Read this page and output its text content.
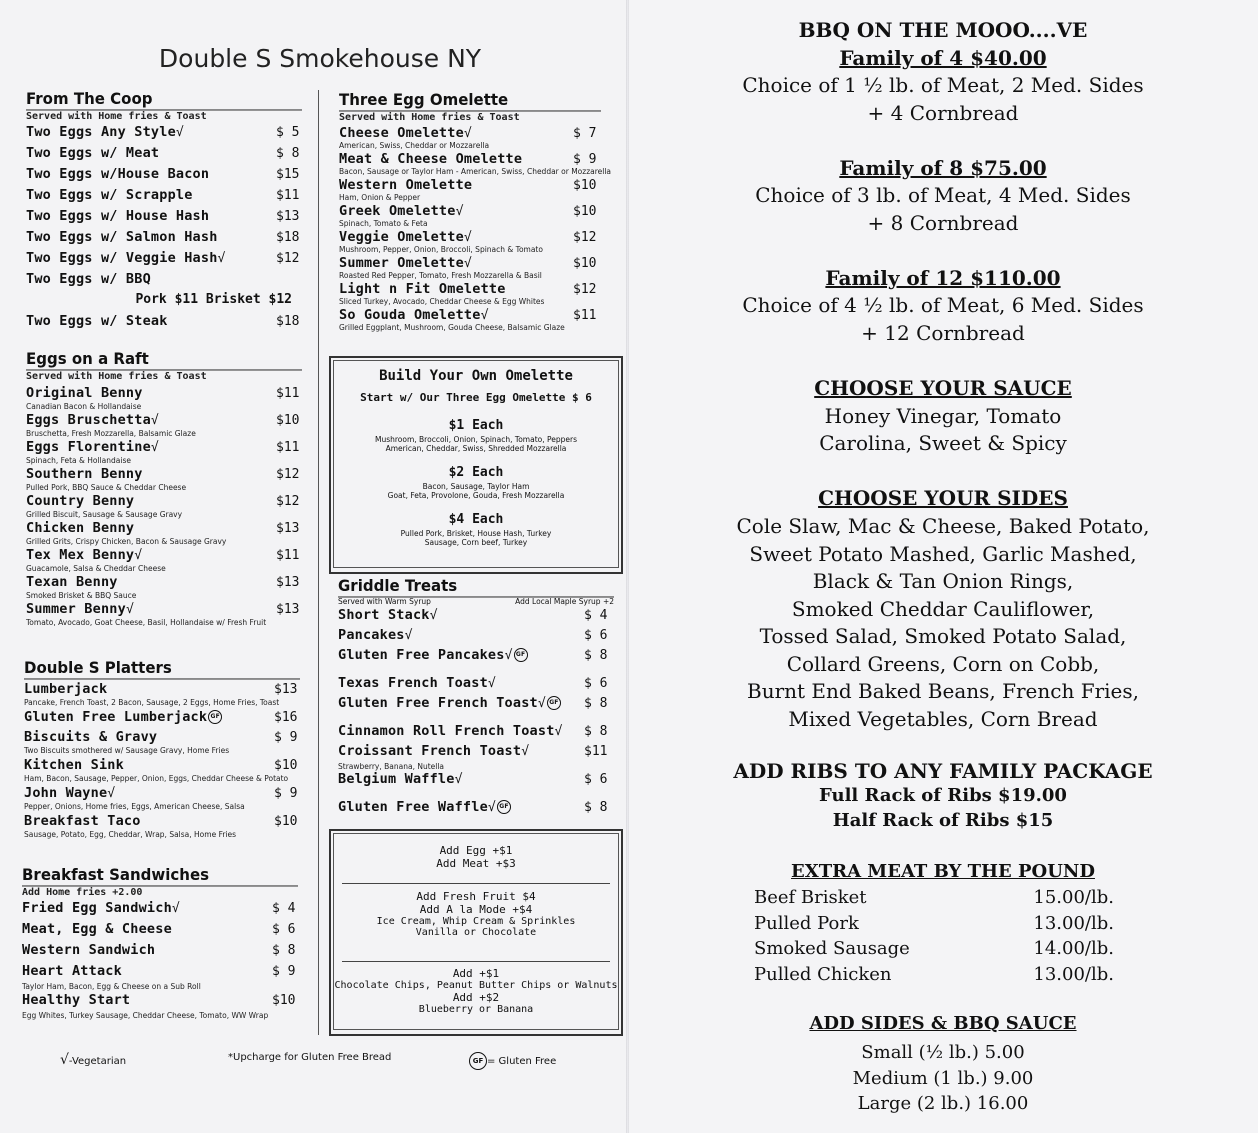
Double S Smokehouse NY
From The Coop
Served with Home fries & Toast
Two Eggs Any Style√	$ 5
Two Eggs w/ Meat	$ 8
Two Eggs w/House Bacon	$15
Two Eggs w/ Scrapple	$11
Two Eggs w/ House Hash	$13
Two Eggs w/ Salmon Hash	$18
Two Eggs w/ Veggie Hash√	$12
Two Eggs w/ BBQ
Pork $11 Brisket $12
Two Eggs w/ Steak	$18
Eggs on a Raft
Served with Home fries & Toast
Original Benny	$11
Canadian Bacon & Hollandaise
Eggs Bruschetta√	$10
Bruschetta, Fresh Mozzarella, Balsamic Glaze
Eggs Florentine√	$11
Spinach, Feta & Hollandaise
Southern Benny	$12
Pulled Pork, BBQ Sauce & Cheddar Cheese
Country Benny	$12
Grilled Biscuit, Sausage & Sausage Gravy
Chicken Benny	$13
Grilled Grits, Crispy Chicken, Bacon & Sausage Gravy
Tex Mex Benny√	$11
Guacamole, Salsa & Cheddar Cheese
Texan Benny	$13
Smoked Brisket & BBQ Sauce
Summer Benny√	$13
Tomato, Avocado, Goat Cheese, Basil, Hollandaise w/ Fresh Fruit
Double S Platters
Lumberjack	$13
Pancake, French Toast, 2 Bacon, Sausage, 2 Eggs, Home Fries, Toast
Gluten Free Lumberjack GF	$16
Biscuits & Gravy	$ 9
Two Biscuits smothered w/ Sausage Gravy, Home Fries
Kitchen Sink	$10
Ham, Bacon, Sausage, Pepper, Onion, Eggs, Cheddar Cheese & Potato
John Wayne√	$ 9
Pepper, Onions, Home fries, Eggs, American Cheese, Salsa
Breakfast Taco	$10
Sausage, Potato, Egg, Cheddar, Wrap, Salsa, Home Fries
Breakfast Sandwiches
Add Home fries +2.00
Fried Egg Sandwich√	$ 4
Meat, Egg & Cheese	$ 6
Western Sandwich	$ 8
Heart Attack	$ 9
Taylor Ham, Bacon, Egg & Cheese on a Sub Roll
Healthy Start	$10
Egg Whites, Turkey Sausage, Cheddar Cheese, Tomato, WW Wrap
Three Egg Omelette
Served with Home fries & Toast
Cheese Omelette√	$ 7
American, Swiss, Cheddar or Mozzarella
Meat & Cheese Omelette	$ 9
Bacon, Sausage or Taylor Ham - American, Swiss, Cheddar or Mozzarella
Western Omelette	$10
Ham, Onion & Pepper
Greek Omelette√	$10
Spinach, Tomato & Feta
Veggie Omelette√	$12
Mushroom, Pepper, Onion, Broccoli, Spinach & Tomato
Summer Omelette√	$10
Roasted Red Pepper, Tomato, Fresh Mozzarella & Basil
Light n Fit Omelette	$12
Sliced Turkey, Avocado, Cheddar Cheese & Egg Whites
So Gouda Omelette√	$11
Grilled Eggplant, Mushroom, Gouda Cheese, Balsamic Glaze
Build Your Own Omelette
Start w/ Our Three Egg Omelette $ 6
$1 Each
Mushroom, Broccoli, Onion, Spinach, Tomato, Peppers
American, Cheddar, Swiss, Shredded Mozzarella
$2 Each
Bacon, Sausage, Taylor Ham
Goat, Feta, Provolone, Gouda, Fresh Mozzarella
$4 Each
Pulled Pork, Brisket, House Hash, Turkey
Sausage, Corn beef, Turkey
Griddle Treats
Served with Warm Syrup	Add Local Maple Syrup +2
Short Stack√	$ 4
Pancakes√	$ 6
Gluten Free Pancakes√ GF	$ 8
Texas French Toast√	$ 6
Gluten Free French Toast√ GF $ 8
Cinnamon Roll French Toast√ $ 8
Croissant French Toast√	$11
Strawberry, Banana, Nutella
Belgium Waffle√	$ 6
Gluten Free Waffle√ GF	$ 8
Add Egg +$1
Add Meat +$3
Add Fresh Fruit $4
Add A la Mode +$4
Ice Cream, Whip Cream & Sprinkles
Vanilla or Chocolate
Add +$1
Chocolate Chips, Peanut Butter Chips or Walnuts
Add +$2
Blueberry or Banana
√-Vegetarian	*Upcharge for Gluten Free Bread	GF = Gluten Free
BBQ ON THE MOOO....VE
Family of 4 $40.00
Choice of 1 ½ lb. of Meat, 2 Med. Sides
+ 4 Cornbread
Family of 8 $75.00
Choice of 3 lb. of Meat, 4 Med. Sides
+ 8 Cornbread
Family of 12 $110.00
Choice of 4 ½ lb. of Meat, 6 Med. Sides
+ 12 Cornbread
CHOOSE YOUR SAUCE
Honey Vinegar, Tomato
Carolina, Sweet & Spicy
CHOOSE YOUR SIDES
Cole Slaw, Mac & Cheese, Baked Potato,
Sweet Potato Mashed, Garlic Mashed,
Black & Tan Onion Rings,
Smoked Cheddar Cauliflower,
Tossed Salad, Smoked Potato Salad,
Collard Greens, Corn on Cobb,
Burnt End Baked Beans, French Fries,
Mixed Vegetables, Corn Bread
ADD RIBS TO ANY FAMILY PACKAGE
Full Rack of Ribs $19.00
Half Rack of Ribs $15
EXTRA MEAT BY THE POUND
Beef Brisket	15.00/lb.
Pulled Pork	13.00/lb.
Smoked Sausage	14.00/lb.
Pulled Chicken	13.00/lb.
ADD SIDES & BBQ SAUCE
Small (½ lb.) 5.00
Medium (1 lb.) 9.00
Large (2 lb.) 16.00
